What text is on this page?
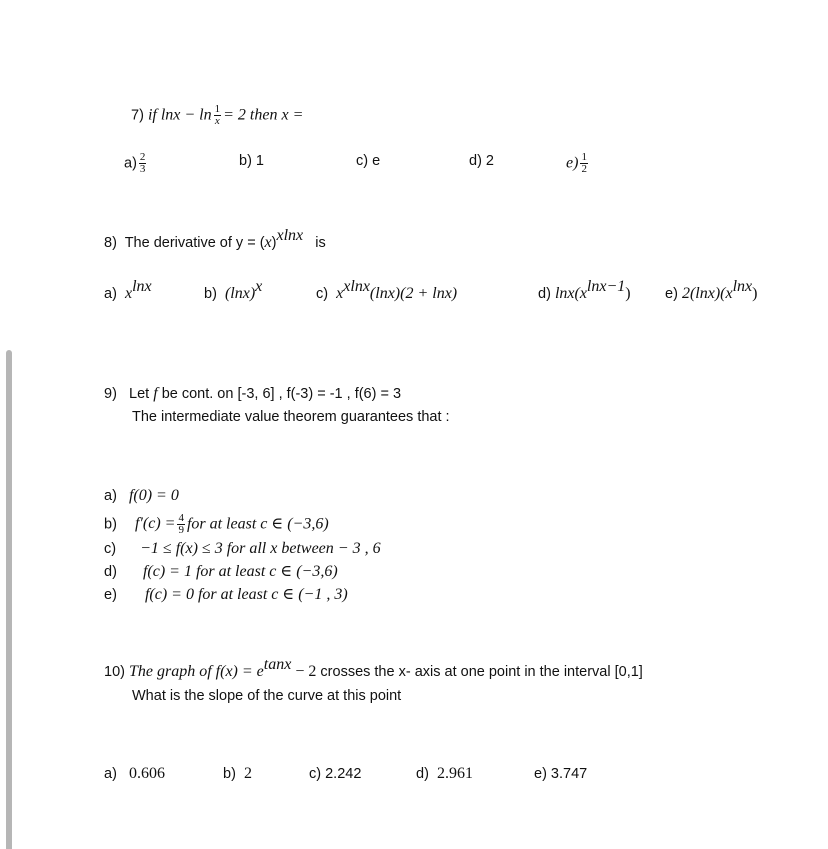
7) if $\ln x - \ln \frac{1}{x} = 2$ then x =
$a) \frac{2}{3}$	b) 1	c) e	d) 2	$e) \frac{1}{2}$
8) The derivative of $y = (x)^{xlnx}$ is
a) $x^{lnx}$	b) $(\ln x)^x$	c) $x^{xlnx}(\ln x)(2 + \ln x)$	d) $\ln x(x^{lnx-1})$ e) $2(\ln x)(x^{lnx})$
9) Let f be cont. on [-3, 6] , f(-3) = -1 , f(6) = 3
The intermediate value theorem guarantees that :
a) f(0) = 0
b) $f'(c) = \frac{4}{9}$ for at least c ∈ (−3,6)
c) −1 ≤ f(x) ≤ 3 for all x between − 3 , 6
d) f(c) = 1 for at least c ∈ (−3,6)
e) f(c) = 0 for at least c ∈ (−1 , 3)
10) The graph of $f(x) = e^{tanx} - 2$ crosses the x- axis at one point in the interval [0,1]
What is the slope of the curve at this point
a) 0.606	b) 2	c) 2.242	d) 2.961	e) 3.747
